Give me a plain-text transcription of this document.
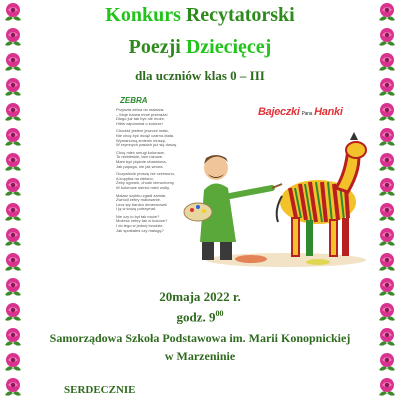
Konkurs Recytatorski
Poezji Dziecięcej
dla uczniów klas 0 – III
ZEBRA

Przyszła zebra do malarza:
– Moje barwa mnie przeraża!
Długo już tak być nie może,
Hibiś zapomniał o kolorze!

Chociaż jestem jeszcze mała,
Nie chcę być wciąż czarno-biała.
Wymarzoną zmienić muszę,
W rzymnych pasach już się duszę.

Chcę mieć smugi kolorowe,
To niebieskie, tam różowe.
Mam być pięknie ubarwiona,
Jak papuga, nie jak wrona.

Oczywiście proszę nie czerwono,
A kopytka na zielono.
Żeby ogonek, chodź nieruchomy,
W kolorowe sierści mieć uwity.

Malarz szybko zgadł zamiar,
Zwrócił żebry malowanie.
Lecz się bardzo denerwował
I ją w krużę potrzymał.

Nie czy to był tak może?
Możesz żebry tak w kolorze?
I do tego w jednej trzodzie,
Jak spotkałeś czy malugę?

Bajeczki Pana Hanki
20maja 2022 r.
godz. $9^{00}$
Samorządowa Szkoła Podstawowa im. Marii Konopnickiej
w Marzeninie
SERDECZNIE
